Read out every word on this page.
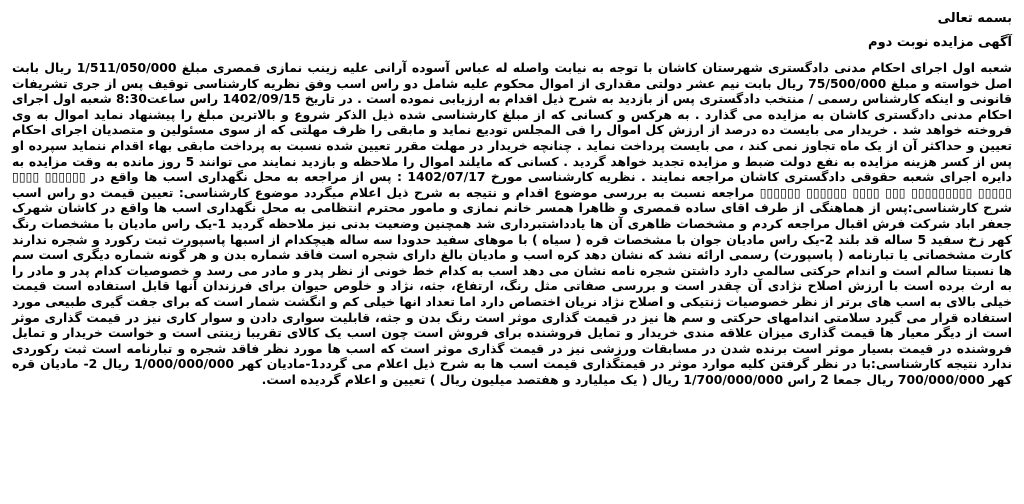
بسمه تعالی
آگهی مزایده نوبت دوم

شعبه اول اجرای احکام مدنی دادگستری شهرستان کاشان با توجه به نیابت واصله له عباس آسوده آرانی علیه زینب نمازی قمصری مبلغ 1/511/050/000 ریال بابت اصل خواسته و مبلغ 75/500/000 ریال بابت نیم عشر دولتی مقداری از اموال محکوم علیه شامل دو راس اسب وفق نظریه کارشناسی توقیف پس از جری تشریفات قانونی و اینکه کارشناس رسمی / منتخب دادگستری پس از بازدید به شرح ذیل اقدام به ارزیابی نموده است . در تاریخ 1402/09/15 راس ساعت8:30 شعبه اول اجرای احکام مدنی دادگستری کاشان به مزایده می گذارد . به هرکس و کسانی که از مبلغ کارشناسی شده ذیل الذکر شروع و بالاترین مبلغ را پیشنهاد نماید اموال به وی فروخته خواهد شد . خریدار می بایست ده درصد از ارزش کل اموال را فی المجلس تودیع نماید و مابقی را ظرف مهلتی که از سوی مسئولین و متصدیان اجرای احکام تعیین و حداکثر آن از یک ماه تجاوز نمی کند ، می بایست پرداخت نماید . چنانچه خریدار در مهلت مقرر تعیین شده نسبت به پرداخت مابقی بهاء اقدام ننماید سپرده او پس از کسر هزینه مزایده به نفع دولت ضبط و مزایده تجدید خواهد گردید . کسانی که مایلند اموال را ملاحظه و بازدید نمایند می توانند 5 روز مانده به وقت مزایده به دایره اجرای شعبه حقوقی دادگستری کاشان مراجعه نمایند . نظریه کارشناسی مورخ 1402/07/17 : پس از مراجعه به محل نگهداری اسب ها واقع در ▯▯▯▯▯▯ ▯▯▯▯ ▯▯▯▯▯ ▯▯▯▯▯▯▯▯▯ ▯▯▯ ▯▯▯▯ ▯▯▯▯▯▯ ▯▯▯▯▯▯ مراجعه نسبت به بررسی موضوع اقدام و نتیجه به شرح ذیل اعلام میگردد موضوع کارشناسی: تعیین قیمت دو راس اسب شرح کارشناسی:پس از هماهنگی از طرف اقای ساده قمصری و ظاهرا همسر خانم نمازی و مامور محترم انتظامی به محل نگهداری اسب ها واقع در کاشان شهرک جعفر اباد شرکت فرش اقبال مراجعه کردم و مشخصات ظاهری آن ها یادداشتبرداری شد همچنین وضعیت بدنی نیز ملاحظه گردید 1-یک راس مادیان با مشخصات رنگ کهر زخ سفید 5 ساله قد بلند 2-یک راس مادیان جوان با مشخصات قره ( سیاه ) با موهای سفید حدودا سه ساله هیچکدام از اسبها پاسپورت ثبت رکورد و شجره ندارند کارت مشخصاتی یا تبارنامه ( پاسپورت) رسمی ارائه نشد که نشان دهد کره اسب و مادیان بالغ دارای شجره است فاقد شماره بدن و هر گونه شماره دیگری است سم ها نسبتا سالم است و اندام حرکتی سالمی دارد داشتن شجره نامه نشان می دهد اسب به کدام خط خونی از نظر پدر و مادر می رسد و خصوصیات کدام پدر و مادر را به ارث برده است با ارزش اصلاح نژادی آن چقدر است و بررسی صفاتی مثل رنگ، ارتفاع، جثه، نژاد و خلوص حیوان برای فرزندان آنها قابل استفاده است قیمت خیلی بالای به اسب های برتر از نظر خصوصیات ژنتیکی و اصلاح نژاد نریان اختصاص دارد اما تعداد انها خیلی کم و انگشت شمار است که برای جفت گیری طبیعی مورد استفاده قرار می گیرد سلامتی اندامهای حرکتی و سم ها نیز در قیمت گذاری موثر است رنگ بدن و جثه، قابلیت سواری دادن و سوار کاری نیز در قیمت گذاری موثر است از دیگر معیار ها قیمت گذاری میزان علاقه مندی خریدار و تمایل فروشنده برای فروش است چون اسب یک کالای تقریبا زینتی است و خواست خریدار و تمایل فروشنده در قیمت بسیار موثر است برنده شدن در مسابقات ورزشی نیز در قیمت گذاری موثر است که اسب ها مورد نظر فاقد شجره و تبارنامه است ثبت رکوردی ندارد نتیجه کارشناسی:با در نظر گرفتن کلیه موارد موثر در قیمتگذاری قیمت اسب ها به شرح ذیل اعلام می گردد1-مادیان کهر 1/000/000/000 ریال 2- مادیان قره کهر 700/000/000 ریال جمعا 2 راس 1/700/000/000 ریال ( یک میلیارد و هفتصد میلیون ریال ) تعیین و اعلام گردیده است.
